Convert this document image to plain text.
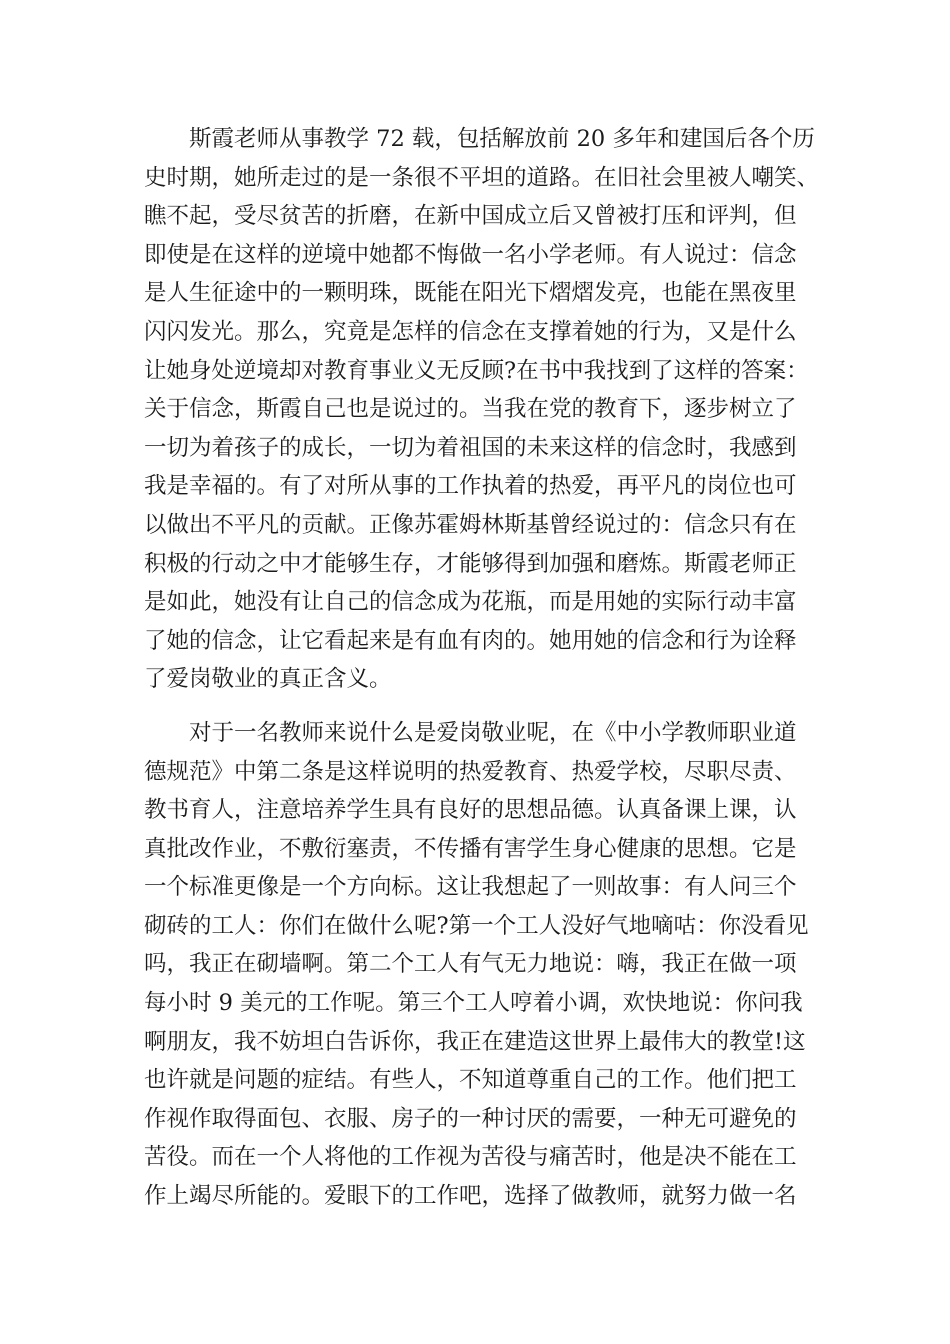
斯霞老师从事教学 72 载，包括解放前 20 多年和建国后各个历
史时期，她所走过的是一条很不平坦的道路。在旧社会里被人嘲笑、
瞧不起，受尽贫苦的折磨，在新中国成立后又曾被打压和评判，但
即使是在这样的逆境中她都不悔做一名小学老师。有人说过：信念
是人生征途中的一颗明珠，既能在阳光下熠熠发亮，也能在黑夜里
闪闪发光。那么，究竟是怎样的信念在支撑着她的行为，又是什么
让她身处逆境却对教育事业义无反顾?在书中我找到了这样的答案：
关于信念，斯霞自己也是说过的。当我在党的教育下，逐步树立了
一切为着孩子的成长，一切为着祖国的未来这样的信念时，我感到
我是幸福的。有了对所从事的工作执着的热爱，再平凡的岗位也可
以做出不平凡的贡献。正像苏霍姆林斯基曾经说过的：信念只有在
积极的行动之中才能够生存，才能够得到加强和磨炼。斯霞老师正
是如此，她没有让自己的信念成为花瓶，而是用她的实际行动丰富
了她的信念，让它看起来是有血有肉的。她用她的信念和行为诠释
了爱岗敬业的真正含义。
对于一名教师来说什么是爱岗敬业呢，在《中小学教师职业道
德规范》中第二条是这样说明的热爱教育、热爱学校，尽职尽责、
教书育人，注意培养学生具有良好的思想品德。认真备课上课，认
真批改作业，不敷衍塞责，不传播有害学生身心健康的思想。它是
一个标准更像是一个方向标。这让我想起了一则故事：有人问三个
砌砖的工人：你们在做什么呢?第一个工人没好气地嘀咕：你没看见
吗，我正在砌墙啊。第二个工人有气无力地说：嗨，我正在做一项
每小时 9 美元的工作呢。第三个工人哼着小调，欢快地说：你问我
啊朋友，我不妨坦白告诉你，我正在建造这世界上最伟大的教堂!这
也许就是问题的症结。有些人，不知道尊重自己的工作。他们把工
作视作取得面包、衣服、房子的一种讨厌的需要，一种无可避免的
苦役。而在一个人将他的工作视为苦役与痛苦时，他是决不能在工
作上竭尽所能的。爱眼下的工作吧，选择了做教师，就努力做一名
